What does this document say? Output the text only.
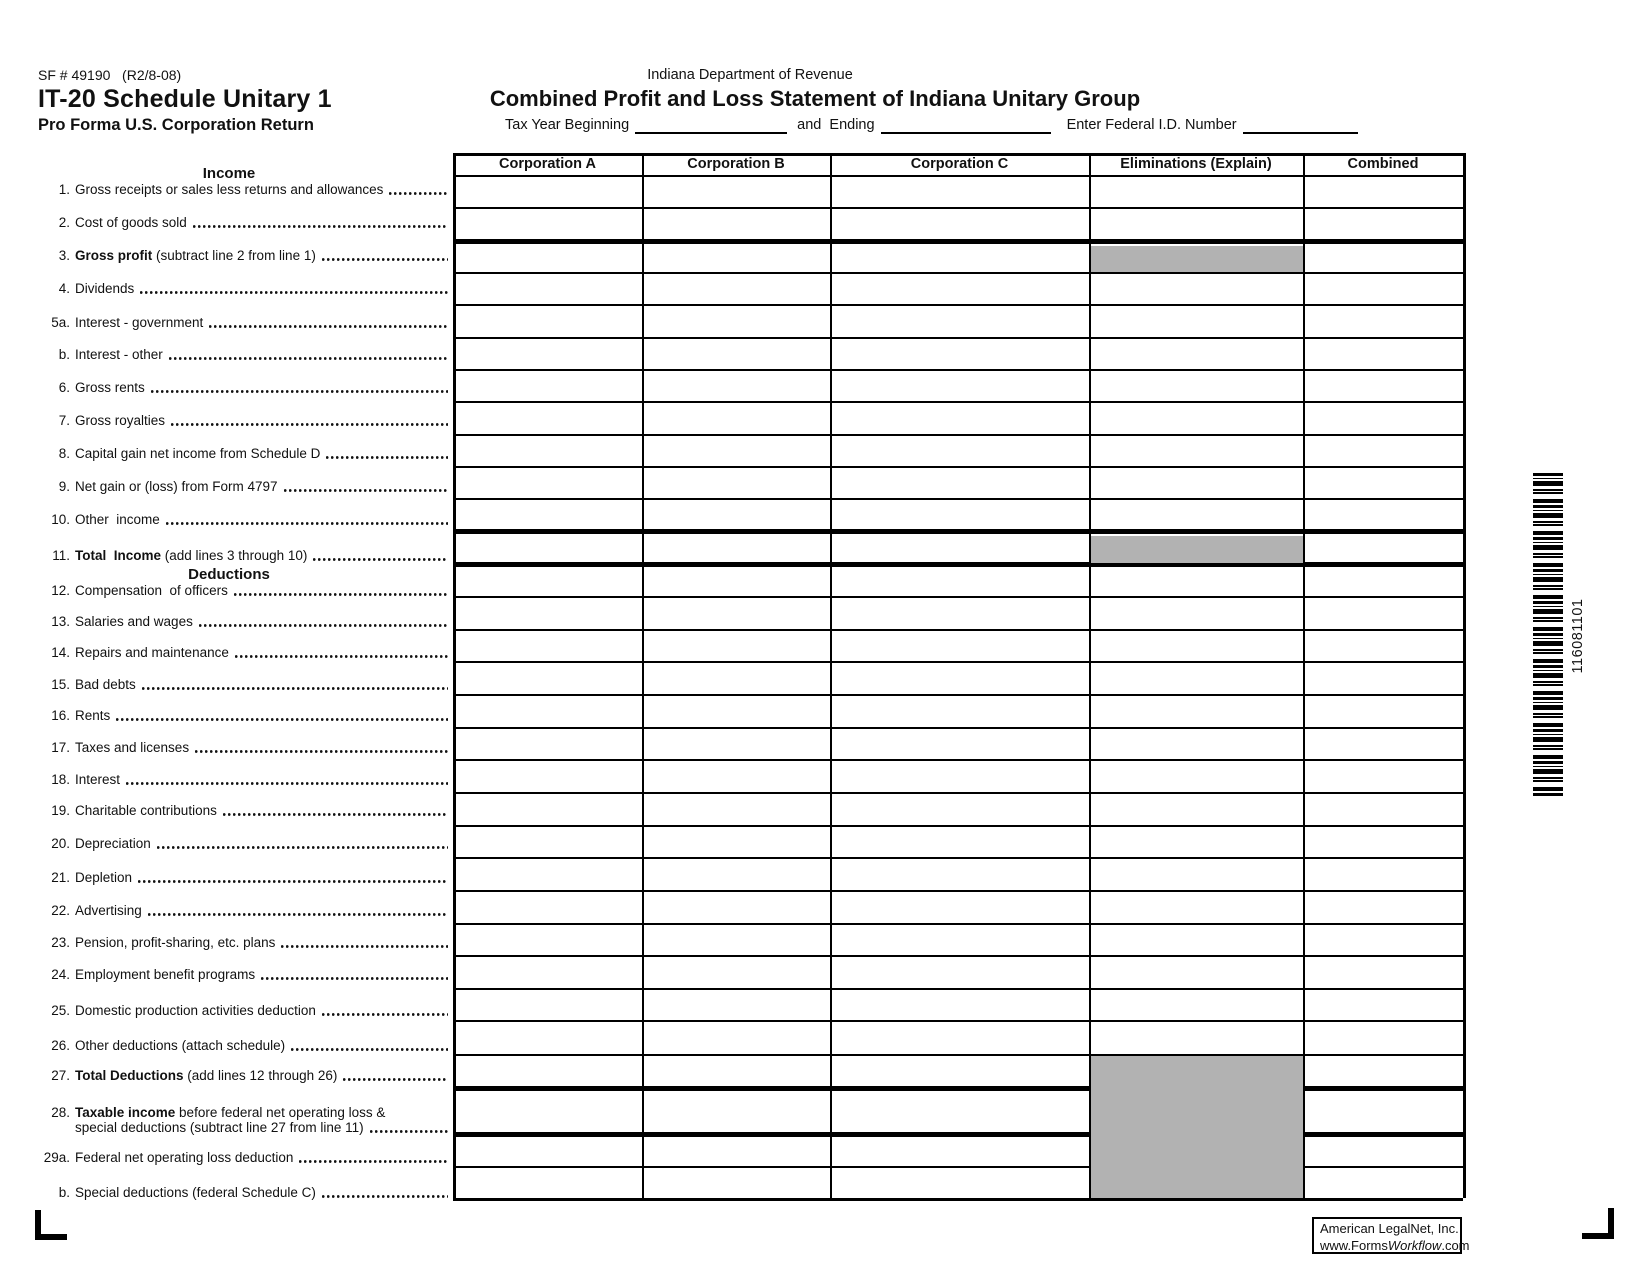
SF # 49190   (R2/8-08)
IT-20 Schedule Unitary 1
Pro Forma U.S. Corporation Return
Indiana Department of Revenue
Combined Profit and Loss Statement of Indiana Unitary Group
Tax Year Beginning	and  Ending	Enter Federal I.D. Number
Income
Deductions
1. Gross receipts or sales less returns and allowances
2. Cost of goods sold
3. Gross profit (subtract line 2 from line 1)
4. Dividends
5a. Interest - government
b. Interest - other
6. Gross rents
7. Gross royalties
8. Capital gain net income from Schedule D
9. Net gain or (loss) from Form 4797
10. Other  income
11. Total  Income (add lines 3 through 10)
12. Compensation  of officers
13. Salaries and wages
14. Repairs and maintenance
15. Bad debts
16. Rents
17. Taxes and licenses
18. Interest
19. Charitable contributions
20. Depreciation
21. Depletion
22. Advertising
23. Pension, profit-sharing, etc. plans
24. Employment benefit programs
25. Domestic production activities deduction
26. Other deductions (attach schedule)
27. Total Deductions (add lines 12 through 26)
28. Taxable income before federal net operating loss &
special deductions (subtract line 27 from line 11)
29a. Federal net operating loss deduction
b. Special deductions (federal Schedule C)
Corporation A	Corporation B	Corporation C	Eliminations (Explain)	Combined
116081101
American LegalNet, Inc.
www.FormsWorkflow.com
